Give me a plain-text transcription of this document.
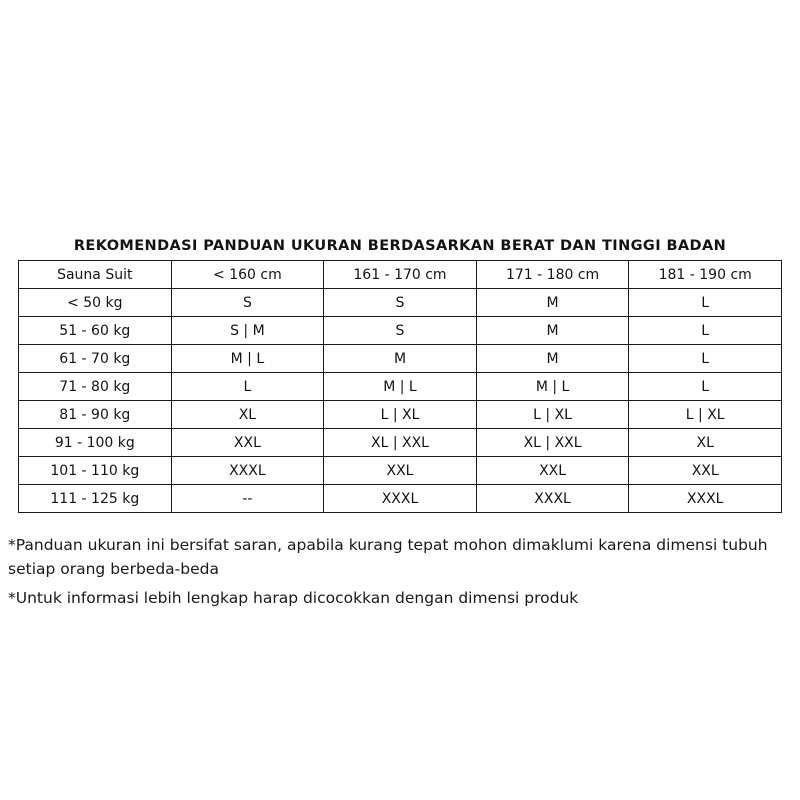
REKOMENDASI PANDUAN UKURAN BERDASARKAN BERAT DAN TINGGI BADAN
Sauna Suit	< 160 cm	161 - 170 cm	171 - 180 cm	181 - 190 cm
< 50 kg	S	S	M	L
51 - 60 kg	S | M	S	M	L
61 - 70 kg	M | L	M	M	L
71 - 80 kg	L	M | L	M | L	L
81 - 90 kg	XL	L | XL	L | XL	L | XL
91 - 100 kg	XXL	XL | XXL	XL | XXL	XL
101 - 110 kg	XXXL	XXL	XXL	XXL
111 - 125 kg	--	XXXL	XXXL	XXXL

*Panduan ukuran ini bersifat saran, apabila kurang tepat mohon dimaklumi karena dimensi tubuh setiap orang berbeda-beda

*Untuk informasi lebih lengkap harap dicocokkan dengan dimensi produk
